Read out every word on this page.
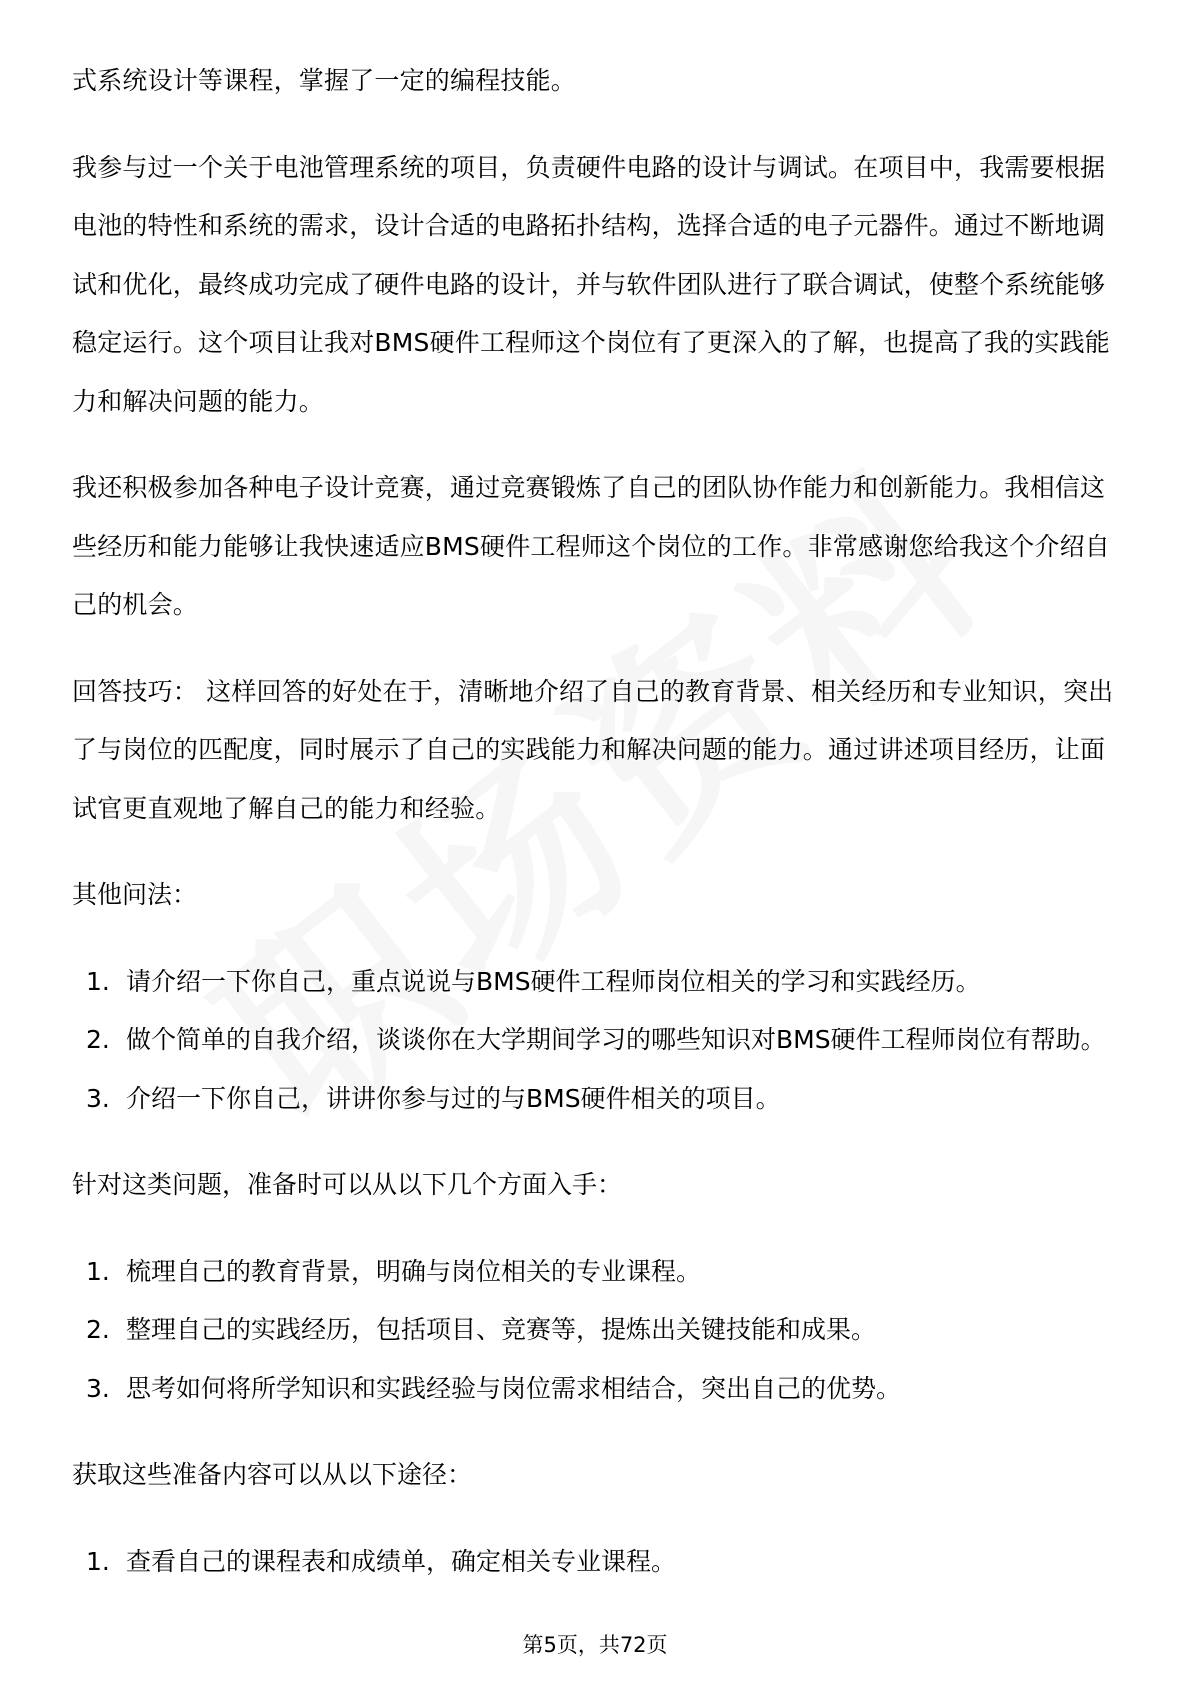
式系统设计等课程，掌握了一定的编程技能。

我参与过一个关于电池管理系统的项目，负责硬件电路的设计与调试。在项目中，我需要根据电池的特性和系统的需求，设计合适的电路拓扑结构，选择合适的电子元器件。通过不断地调试和优化，最终成功完成了硬件电路的设计，并与软件团队进行了联合调试，使整个系统能够稳定运行。这个项目让我对BMS硬件工程师这个岗位有了更深入的了解，也提高了我的实践能力和解决问题的能力。

我还积极参加各种电子设计竞赛，通过竞赛锻炼了自己的团队协作能力和创新能力。我相信这些经历和能力能够让我快速适应BMS硬件工程师这个岗位的工作。非常感谢您给我这个介绍自己的机会。

回答技巧： 这样回答的好处在于，清晰地介绍了自己的教育背景、相关经历和专业知识，突出了与岗位的匹配度，同时展示了自己的实践能力和解决问题的能力。通过讲述项目经历，让面试官更直观地了解自己的能力和经验。

其他问法：

1. 请介绍一下你自己，重点说说与BMS硬件工程师岗位相关的学习和实践经历。
2. 做个简单的自我介绍，谈谈你在大学期间学习的哪些知识对BMS硬件工程师岗位有帮助。
3. 介绍一下你自己，讲讲你参与过的与BMS硬件相关的项目。

针对这类问题，准备时可以从以下几个方面入手：

1. 梳理自己的教育背景，明确与岗位相关的专业课程。
2. 整理自己的实践经历，包括项目、竞赛等，提炼出关键技能和成果。
3. 思考如何将所学知识和实践经验与岗位需求相结合，突出自己的优势。

获取这些准备内容可以从以下途径：

1. 查看自己的课程表和成绩单，确定相关专业课程。
第5页，共72页
